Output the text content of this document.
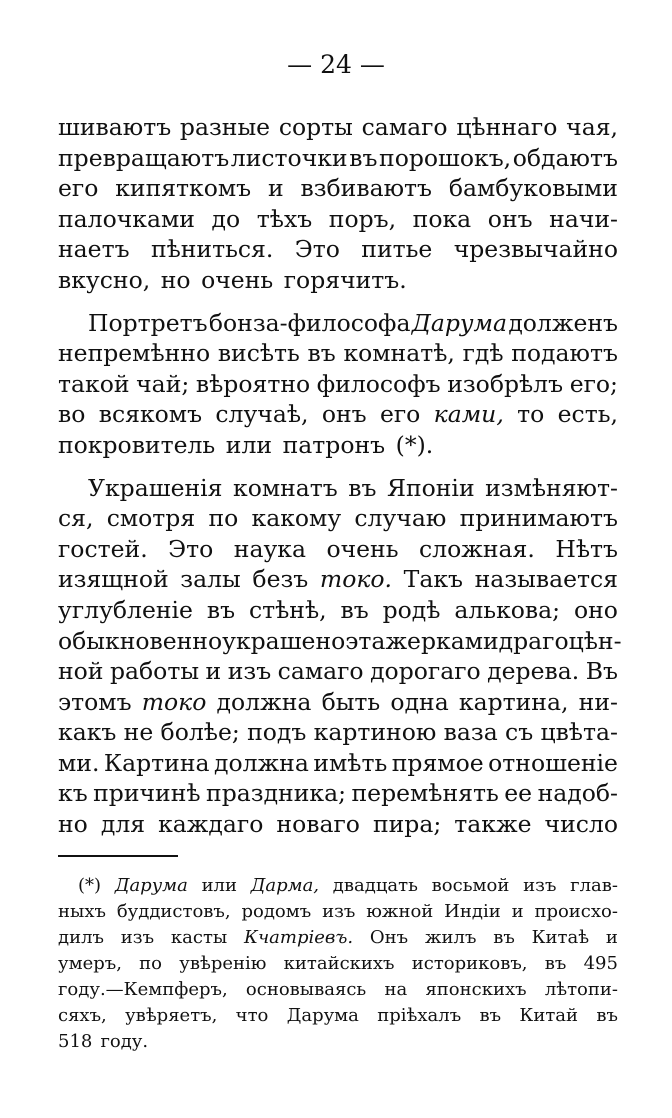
— 24 —
шиваютъ разные сорты самаго цѣннаго чая,
превращаютъ листочки въ порошокъ, обдаютъ
его кипяткомъ и взбиваютъ бамбуковыми
палочками до тѣхъ поръ, пока онъ начи-
наетъ пѣниться. Это питье чрезвычайно
вкусно, но очень горячитъ.
Портретъ бонза-философа Дарума долженъ
непремѣнно висѣть въ комнатѣ, гдѣ подаютъ
такой чай; вѣроятно философъ изобрѣлъ его;
во всякомъ случаѣ, онъ его ками, то есть,
покровитель или патронъ (*).
Украшенія комнатъ въ Японіи измѣняют-
ся, смотря по какому случаю принимаютъ
гостей. Это наука очень сложная. Нѣтъ
изящной залы безъ токо. Такъ называется
углубленіе въ стѣнѣ, въ родѣ алькова; оно
обыкновенно украшено этажерками драгоцѣн-
ной работы и изъ самаго дорогаго дерева. Въ
этомъ токо должна быть одна картина, ни-
какъ не болѣе; подъ картиною ваза съ цвѣта-
ми. Картина должна имѣть прямое отношеніе
къ причинѣ праздника; перемѣнять ее надоб-
но для каждаго новаго пира; также число
(*) Дарума или Дарма, двадцать восьмой изъ глав-
ныхъ буддистовъ, родомъ изъ южной Индіи и происхо-
дилъ изъ касты Кчатріевъ. Онъ жилъ въ Китаѣ и
умеръ, по увѣренію китайскихъ историковъ, въ 495
году.—Кемпферъ, основываясь на японскихъ лѣтопи-
сяхъ, увѣряетъ, что Дарума пріѣхалъ въ Китай въ
518 году.
